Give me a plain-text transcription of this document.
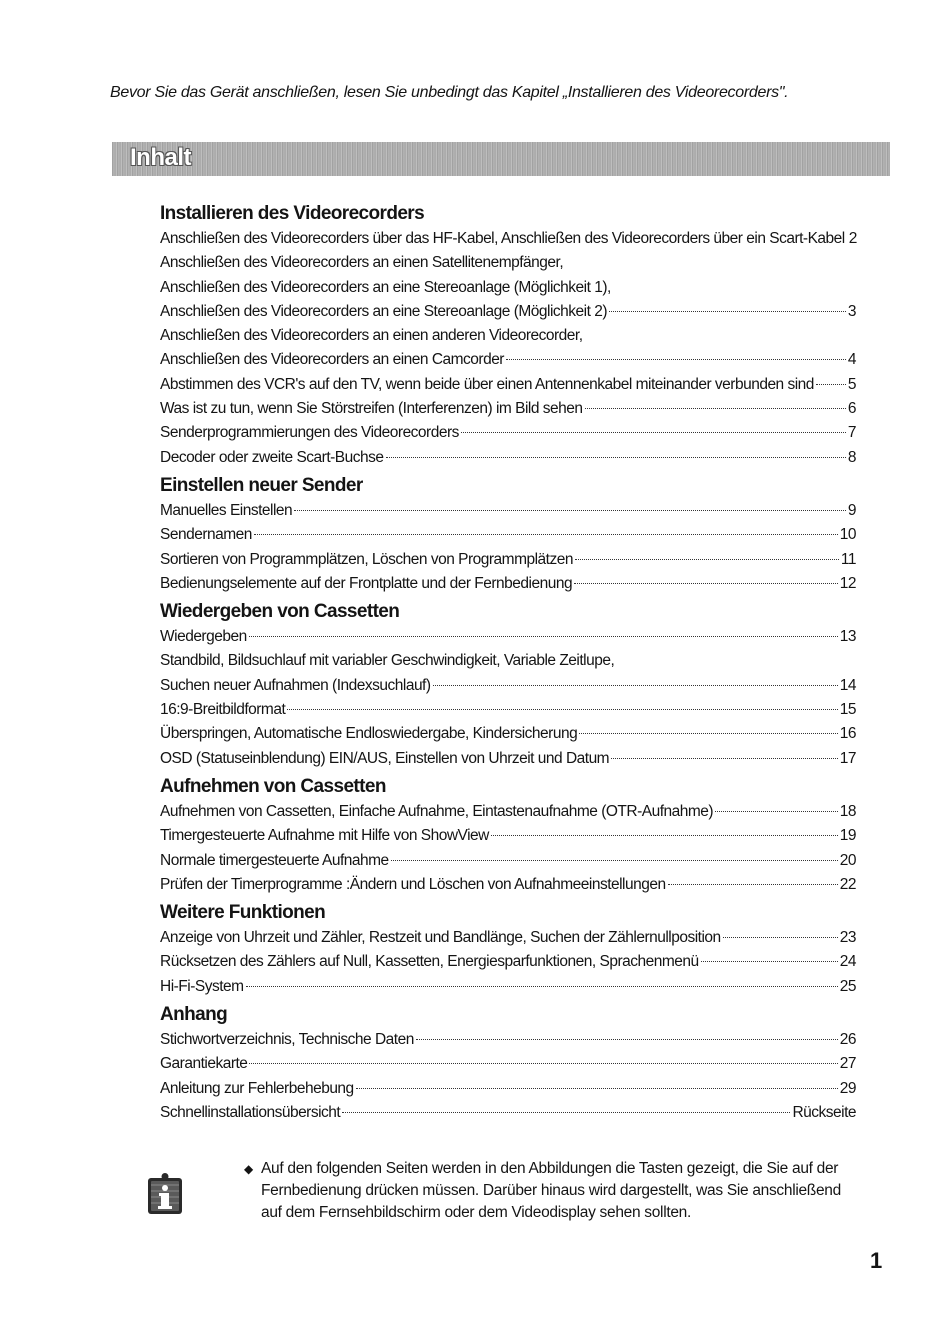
Bevor Sie das Gerät anschließen, lesen Sie unbedingt das Kapitel „Installieren des Videorecorders".
Inhalt
Installieren des Videorecorders
Anschließen des Videorecorders über das HF-Kabel, Anschließen des Videorecorders über ein Scart-Kabel 2
Anschließen des Videorecorders an einen Satellitenempfänger,
Anschließen des Videorecorders an eine Stereoanlage (Möglichkeit 1),
Anschließen des Videorecorders an eine Stereoanlage (Möglichkeit 2)	3
Anschließen des Videorecorders an einen anderen Videorecorder,
Anschließen des Videorecorders an einen Camcorder	4
Abstimmen des VCR's auf den TV, wenn beide über einen Antennenkabel miteinander verbunden sind 5
Was ist zu tun, wenn Sie Störstreifen (Interferenzen) im Bild sehen	6
Senderprogrammierungen des Videorecorders	7
Decoder oder zweite Scart-Buchse	8
Einstellen neuer Sender
Manuelles Einstellen	9
Sendernamen	10
Sortieren von Programmplätzen, Löschen von Programmplätzen	11
Bedienungselemente auf der Frontplatte und der Fernbedienung	12
Wiedergeben von Cassetten
Wiedergeben	13
Standbild, Bildsuchlauf mit variabler Geschwindigkeit, Variable Zeitlupe,
Suchen neuer Aufnahmen (Indexsuchlauf)	14
16:9-Breitbildformat	15
Überspringen, Automatische Endloswiedergabe, Kindersicherung	16
OSD (Statuseinblendung) EIN/AUS, Einstellen von Uhrzeit und Datum	17
Aufnehmen von Cassetten
Aufnehmen von Cassetten, Einfache Aufnahme, Eintastenaufnahme (OTR-Aufnahme)	18
Timergesteuerte Aufnahme mit Hilfe von ShowView	19
Normale timergesteuerte Aufnahme	20
Prüfen der Timerprogramme :Ändern und Löschen von Aufnahmeeinstellungen	22
Weitere Funktionen
Anzeige von Uhrzeit und Zähler, Restzeit und Bandlänge, Suchen der Zählernullposition	23
Rücksetzen des Zählers auf Null, Kassetten, Energiesparfunktionen, Sprachenmenü	24
Hi-Fi-System	25
Anhang
Stichwortverzeichnis, Technische Daten	26
Garantiekarte	27
Anleitung zur Fehlerbehebung	29
Schnellinstallationsübersicht	Rückseite
◆ Auf den folgenden Seiten werden in den Abbildungen die Tasten gezeigt, die Sie auf der Fernbedienung drücken müssen. Darüber hinaus wird dargestellt, was Sie anschließend auf dem Fernsehbildschirm oder dem Videodisplay sehen sollten.
1
